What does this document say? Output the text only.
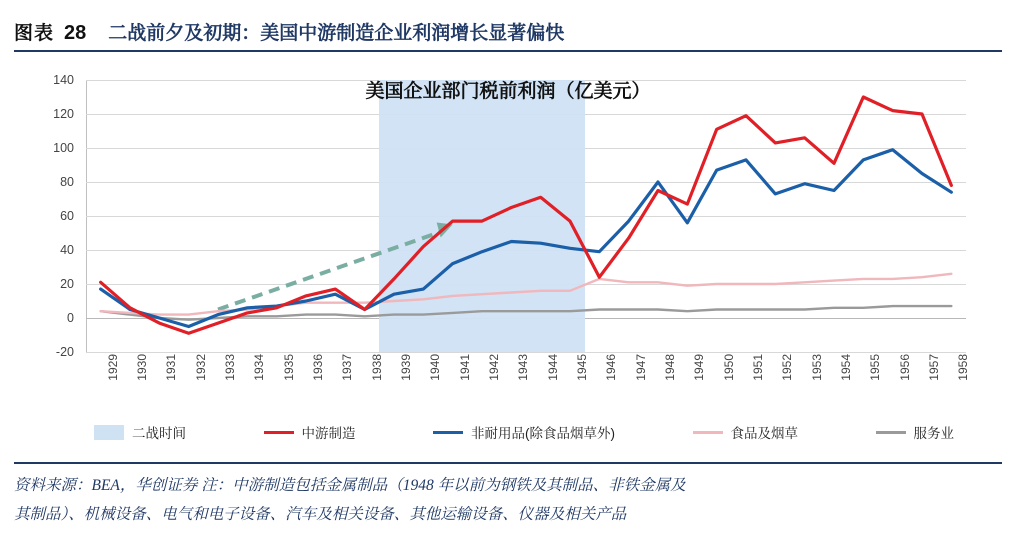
图表 28 二战前夕及初期：美国中游制造企业利润增长显著偏快
美国企业部门税前利润（亿美元）
-20
0
20
40
60
80
100
120
140
1929 1930 1931 1932 1933 1934 1935 1936 1937 1938 1939 1940 1941 1942 1943 1944 1945 1946 1947 1948 1949 1950 1951 1952 1953 1954 1955 1956 1957 1958
二战时间	中游制造	非耐用品(除食品烟草外)	食品及烟草	服务业

资料来源：BEA，华创证券 注：中游制造包括金属制品（1948 年以前为钢铁及其制品、非铁金属及

其制品）、机械设备、电气和电子设备、汽车及相关设备、其他运输设备、仪器及相关产品
